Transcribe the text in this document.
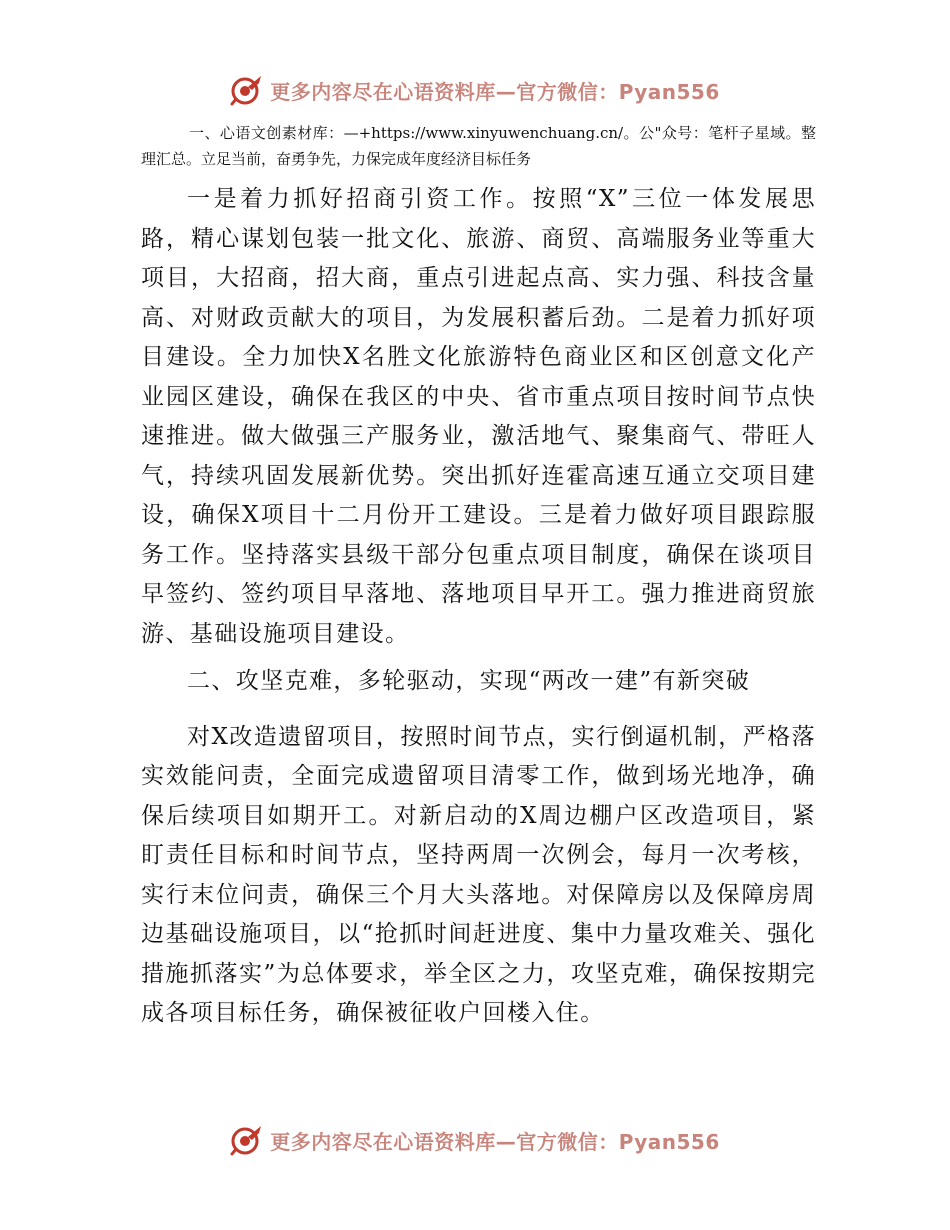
更多内容尽在心语资料库—官方微信：Pyan556

一、心语文创素材库：—+https://www.xinyuwenchuang.cn/。公"众号：笔杆子星域。整理汇总。立足当前，奋勇争先，力保完成年度经济目标任务

一是着力抓好招商引资工作。按照“X”三位一体发展思路，精心谋划包装一批文化、旅游、商贸、高端服务业等重大项目，大招商，招大商，重点引进起点高、实力强、科技含量高、对财政贡献大的项目，为发展积蓄后劲。二是着力抓好项目建设。全力加快X名胜文化旅游特色商业区和区创意文化产业园区建设，确保在我区的中央、省市重点项目按时间节点快速推进。做大做强三产服务业，激活地气、聚集商气、带旺人气，持续巩固发展新优势。突出抓好连霍高速互通立交项目建设，确保X项目十二月份开工建设。三是着力做好项目跟踪服务工作。坚持落实县级干部分包重点项目制度，确保在谈项目早签约、签约项目早落地、落地项目早开工。强力推进商贸旅游、基础设施项目建设。

二、攻坚克难，多轮驱动，实现“两改一建”有新突破

对X改造遗留项目，按照时间节点，实行倒逼机制，严格落实效能问责，全面完成遗留项目清零工作，做到场光地净，确保后续项目如期开工。对新启动的X周边棚户区改造项目，紧盯责任目标和时间节点，坚持两周一次例会，每月一次考核，实行末位问责，确保三个月大头落地。对保障房以及保障房周边基础设施项目，以“抢抓时间赶进度、集中力量攻难关、强化措施抓落实”为总体要求，举全区之力，攻坚克难，确保按期完成各项目标任务，确保被征收户回楼入住。

更多内容尽在心语资料库—官方微信：Pyan556
